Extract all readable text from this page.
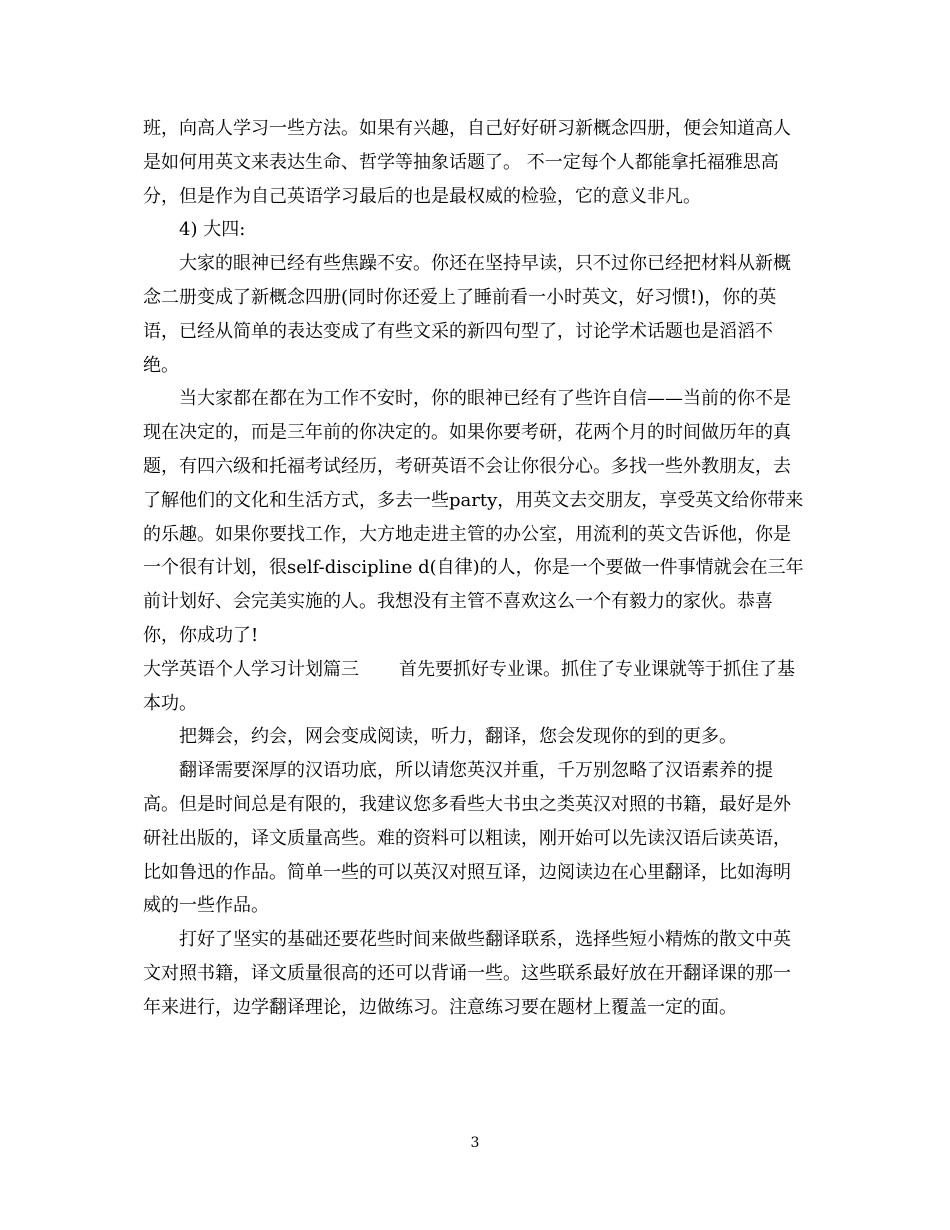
班，向高人学习一些方法。如果有兴趣，自己好好研习新概念四册，便会知道高人是如何用英文来表达生命、哲学等抽象话题了。 不一定每个人都能拿托福雅思高分，但是作为自己英语学习最后的也是最权威的检验，它的意义非凡。

4) 大四:

大家的眼神已经有些焦躁不安。你还在坚持早读，只不过你已经把材料从新概念二册变成了新概念四册(同时你还爱上了睡前看一小时英文，好习惯!)，你的英语，已经从简单的表达变成了有些文采的新四句型了，讨论学术话题也是滔滔不绝。

当大家都在都在为工作不安时，你的眼神已经有了些许自信——当前的你不是现在决定的，而是三年前的你决定的。如果你要考研，花两个月的时间做历年的真题，有四六级和托福考试经历，考研英语不会让你很分心。多找一些外教朋友，去了解他们的文化和生活方式，多去一些party，用英文去交朋友，享受英文给你带来的乐趣。如果你要找工作，大方地走进主管的办公室，用流利的英文告诉他，你是一个很有计划，很self-discipline d(自律)的人，你是一个要做一件事情就会在三年前计划好、会完美实施的人。我想没有主管不喜欢这么一个有毅力的家伙。恭喜你，你成功了!

大学英语个人学习计划篇三 首先要抓好专业课。抓住了专业课就等于抓住了基本功。

把舞会，约会，网会变成阅读，听力，翻译，您会发现你的到的更多。

翻译需要深厚的汉语功底，所以请您英汉并重，千万别忽略了汉语素养的提高。但是时间总是有限的，我建议您多看些大书虫之类英汉对照的书籍，最好是外研社出版的，译文质量高些。难的资料可以粗读，刚开始可以先读汉语后读英语，比如鲁迅的作品。简单一些的可以英汉对照互译，边阅读边在心里翻译，比如海明威的一些作品。

打好了坚实的基础还要花些时间来做些翻译联系，选择些短小精炼的散文中英文对照书籍，译文质量很高的还可以背诵一些。这些联系最好放在开翻译课的那一年来进行，边学翻译理论，边做练习。注意练习要在题材上覆盖一定的面。

3
